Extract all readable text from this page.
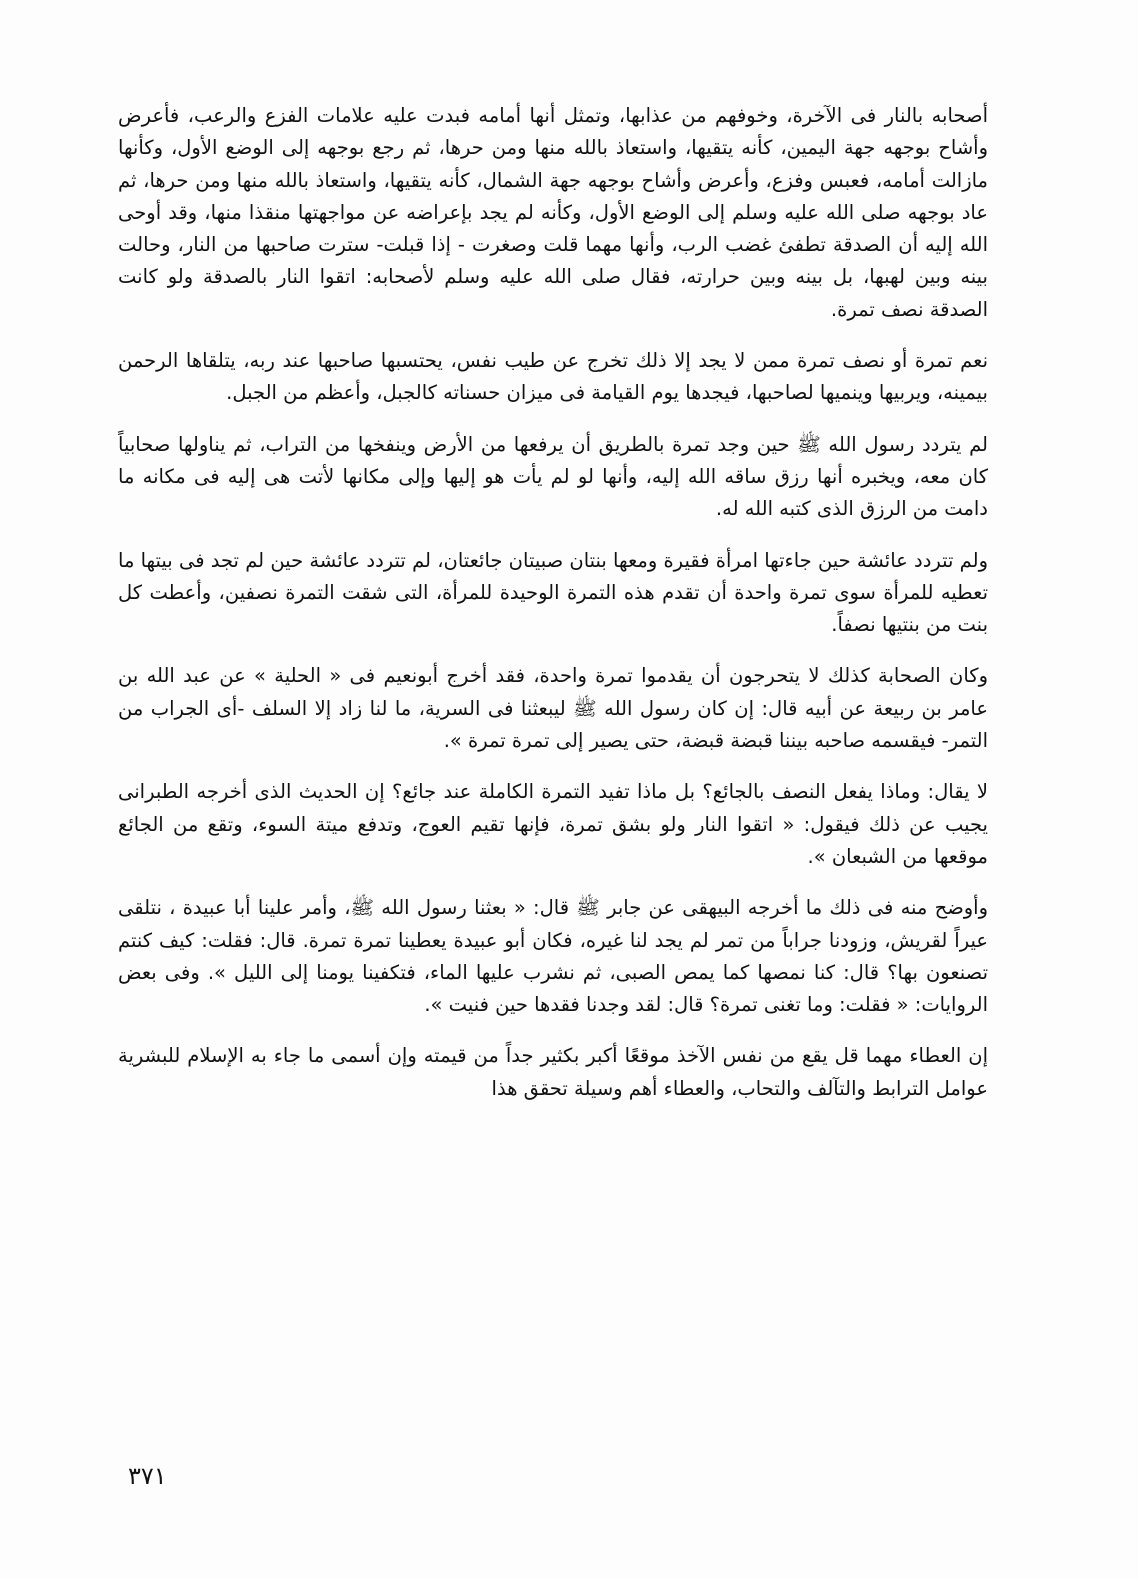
أصحابه بالنار فى الآخرة، وخوفهم من عذابها، وتمثل أنها أمامه فبدت عليه علامات الفزع والرعب، فأعرض وأشاح بوجهه جهة اليمين، كأنه يتقيها، واستعاذ بالله منها ومن حرها، ثم رجع بوجهه إلى الوضع الأول، وكأنها مازالت أمامه، فعبس وفزع، وأعرض وأشاح بوجهه جهة الشمال، كأنه يتقيها، واستعاذ بالله منها ومن حرها، ثم عاد بوجهه صلى الله عليه وسلم إلى الوضع الأول، وكأنه لم يجد بإعراضه عن مواجهتها منقذا منها، وقد أوحى الله إليه أن الصدقة تطفئ غضب الرب، وأنها مهما قلت وصغرت - إذا قبلت- سترت صاحبها من النار، وحالت بينه وبين لهبها، بل بينه وبين حرارته، فقال صلى الله عليه وسلم لأصحابه: اتقوا النار بالصدقة ولو كانت الصدقة نصف تمرة.

نعم تمرة أو نصف تمرة ممن لا يجد إلا ذلك تخرج عن طيب نفس، يحتسبها صاحبها عند ربه، يتلقاها الرحمن بيمينه، ويربيها وينميها لصاحبها، فيجدها يوم القيامة فى ميزان حسناته كالجبل، وأعظم من الجبل.

لم يتردد رسول الله ﷺ حين وجد تمرة بالطريق أن يرفعها من الأرض وينفخها من التراب، ثم يناولها صحابياً كان معه، ويخبره أنها رزق ساقه الله إليه، وأنها لو لم يأت هو إليها وإلى مكانها لأتت هى إليه فى مكانه ما دامت من الرزق الذى كتبه الله له.

ولم تتردد عائشة حين جاءتها امرأة فقيرة ومعها بنتان صبيتان جائعتان، لم تتردد عائشة حين لم تجد فى بيتها ما تعطيه للمرأة سوى تمرة واحدة أن تقدم هذه التمرة الوحيدة للمرأة، التى شقت التمرة نصفين، وأعطت كل بنت من بنتيها نصفاً.

وكان الصحابة كذلك لا يتحرجون أن يقدموا تمرة واحدة، فقد أخرج أبونعيم فى « الحلية » عن عبد الله بن عامر بن ربيعة عن أبيه قال: إن كان رسول الله ﷺ ليبعثنا فى السرية، ما لنا زاد إلا السلف -أى الجراب من التمر- فيقسمه صاحبه بيننا قبضة قبضة، حتى يصير إلى تمرة تمرة ».

لا يقال: وماذا يفعل النصف بالجائع؟ بل ماذا تفيد التمرة الكاملة عند جائع؟ إن الحديث الذى أخرجه الطبرانى يجيب عن ذلك فيقول: « اتقوا النار ولو بشق تمرة، فإنها تقيم العوج، وتدفع ميتة السوء، وتقع من الجائع موقعها من الشبعان ».

وأوضح منه فى ذلك ما أخرجه البيهقى عن جابر ﷺ قال: « بعثنا رسول الله ﷺ، وأمر علينا أبا عبيدة ، نتلقى عيراً لقريش، وزودنا جراباً من تمر لم يجد لنا غيره، فكان أبو عبيدة يعطينا تمرة تمرة. قال: فقلت: كيف كنتم تصنعون بها؟ قال: كنا نمصها كما يمص الصبى، ثم نشرب عليها الماء، فتكفينا يومنا إلى الليل ». وفى بعض الروايات: « فقلت: وما تغنى تمرة؟ قال: لقد وجدنا فقدها حين فنيت ».

إن العطاء مهما قل يقع من نفس الآخذ موقعًا أكبر بكثير جداً من قيمته وإن أسمى ما جاء به الإسلام للبشرية عوامل الترابط والتآلف والتحاب، والعطاء أهم وسيلة تحقق هذا

٣٧١
